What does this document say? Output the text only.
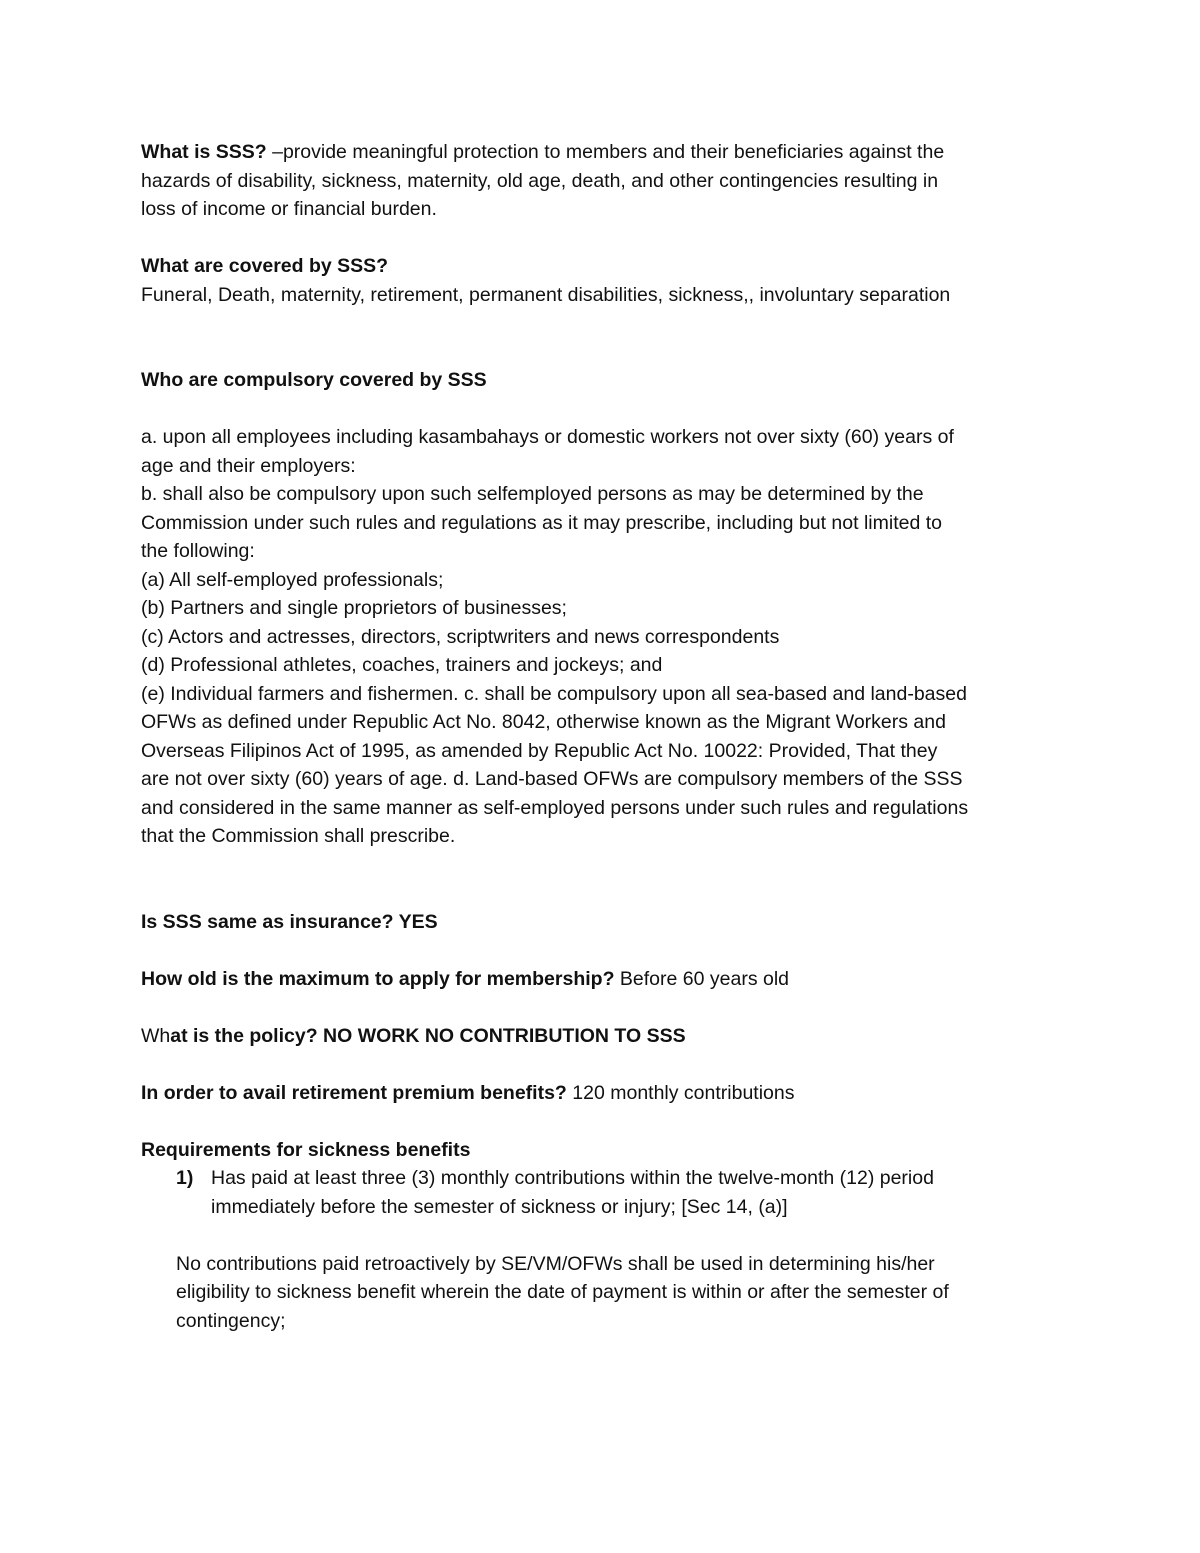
What is SSS? –provide meaningful protection to members and their beneficiaries against the
hazards of disability, sickness, maternity, old age, death, and other contingencies resulting in
loss of income or financial burden.
What are covered by SSS?
Funeral, Death, maternity, retirement, permanent disabilities, sickness,, involuntary separation
Who are compulsory covered by SSS
a. upon all employees including kasambahays or domestic workers not over sixty (60) years of
age and their employers:
b. shall also be compulsory upon such selfemployed persons as may be determined by the
Commission under such rules and regulations as it may prescribe, including but not limited to
the following:
(a) All self-employed professionals;
(b) Partners and single proprietors of businesses;
(c) Actors and actresses, directors, scriptwriters and news correspondents
(d) Professional athletes, coaches, trainers and jockeys; and
(e) Individual farmers and fishermen. c. shall be compulsory upon all sea-based and land-based
OFWs as defined under Republic Act No. 8042, otherwise known as the Migrant Workers and
Overseas Filipinos Act of 1995, as amended by Republic Act No. 10022: Provided, That they
are not over sixty (60) years of age. d. Land-based OFWs are compulsory members of the SSS
and considered in the same manner as self-employed persons under such rules and regulations
that the Commission shall prescribe.
Is SSS same as insurance? YES
How old is the maximum to apply for membership? Before 60 years old
What is the policy? NO WORK NO CONTRIBUTION TO SSS
In order to avail retirement premium benefits? 120 monthly contributions
Requirements for sickness benefits
1) Has paid at least three (3) monthly contributions within the twelve-month (12) period
immediately before the semester of sickness or injury; [Sec 14, (a)]
No contributions paid retroactively by SE/VM/OFWs shall be used in determining his/her
eligibility to sickness benefit wherein the date of payment is within or after the semester of
contingency;
